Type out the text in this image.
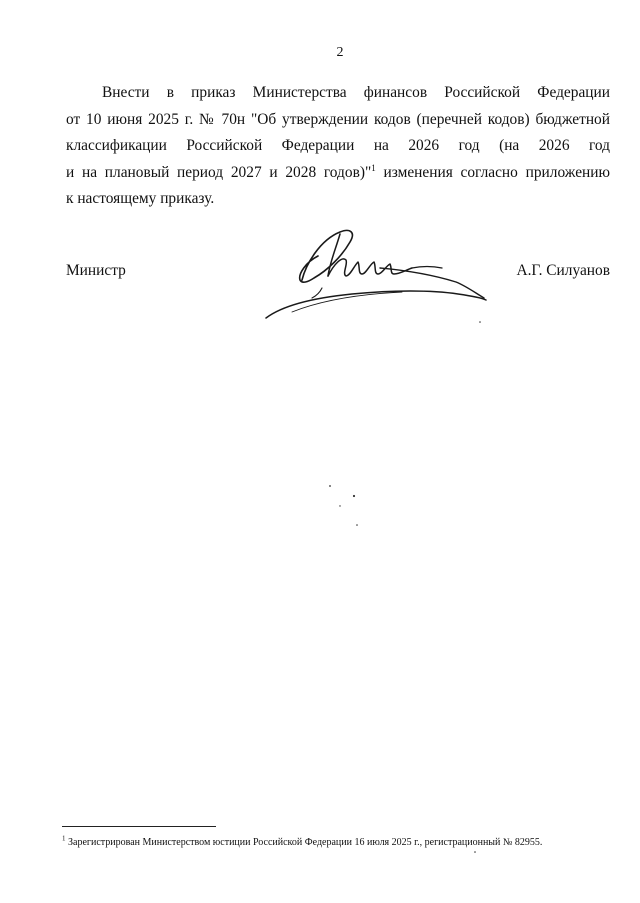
2
Внести в приказ Министерства финансов Российской Федерации
от 10 июня 2025 г. № 70н "Об утверждении кодов (перечней кодов) бюджетной
классификации Российской Федерации на 2026 год (на 2026 год
и на плановый период 2027 и 2028 годов)"$^1$ изменения согласно приложению
к настоящему приказу.
Министр	А.Г. Силуанов
$^1$ Зарегистрирован Министерством юстиции Российской Федерации 16 июля 2025 г., регистрационный № 82955.
